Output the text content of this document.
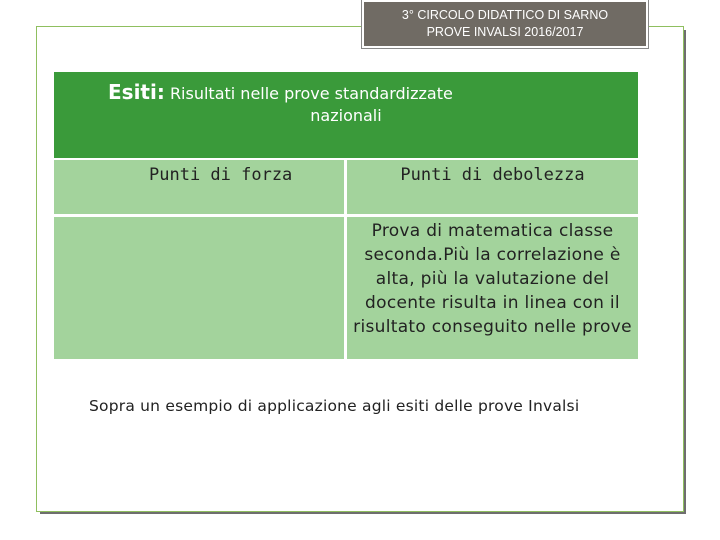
3° CIRCOLO DIDATTICO DI SARNO
PROVE INVALSI 2016/2017
Esiti: Risultati nelle prove standardizzate
nazionali
Punti di forza	Punti di debolezza
Prova di matematica classe seconda.Più la correlazione è alta, più la valutazione del docente risulta in linea con il risultato conseguito nelle prove
Sopra un esempio di applicazione agli esiti delle prove Invalsi
